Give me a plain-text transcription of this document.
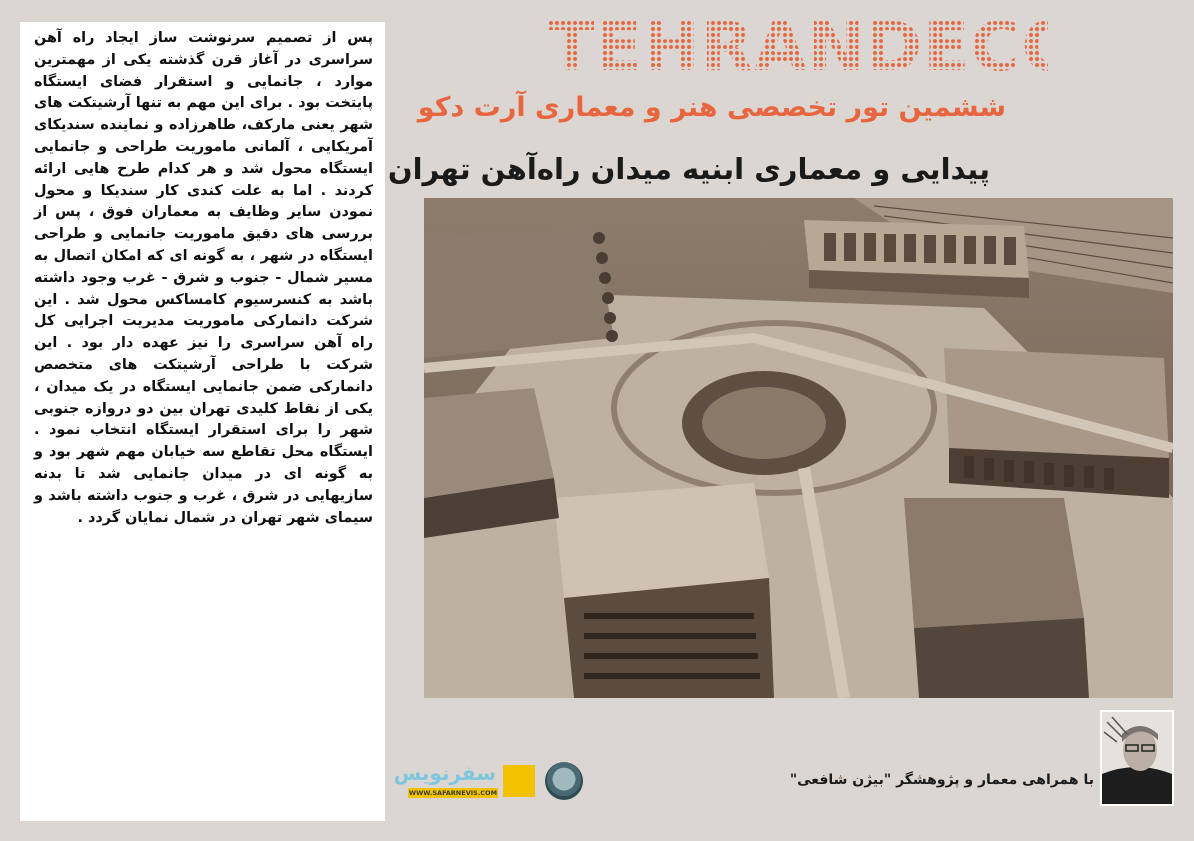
پس از تصمیم سرنوشت ساز ایجاد راه آهن سراسری در آغاز قرن گذشته یکی از مهمترین موارد ، جانمایی و استقرار فضای ایستگاه پایتخت بود . برای این مهم به تنها آرشیتکت های شهر یعنی مارکف، طاهرزاده و نماینده سندیکای آمریکایی ، آلمانی ماموریت طراحی و جانمایی ایستگاه محول شد و هر کدام طرح هایی ارائه کردند . اما به علت کندی کار سندیکا و محول نمودن سایر وظایف به معماران فوق ، پس از بررسی های دقیق ماموریت جانمایی و طراحی ایستگاه در شهر ، به گونه ای که امکان اتصال به مسیر شمال - جنوب و شرق - غرب وجود داشته باشد به کنسرسیوم کامساکس محول شد . این شرکت دانمارکی ماموریت مدیریت اجرایی کل راه آهن سراسری را نیز عهده دار بود . این شرکت با طراحی آرشیتکت های متخصص دانمارکی ضمن جانمایی ایستگاه در یک میدان ، یکی از نقاط کلیدی تهران بین دو دروازه جنوبی شهر را برای استقرار ایستگاه انتخاب نمود . ایستگاه محل تقاطع سه خیابان مهم شهر بود و به گونه ای در میدان جانمایی شد تا بدنه سازیهایی در شرق ، غرب و جنوب داشته باشد و سیمای شهر تهران در شمال نمایان گردد .

TEHRANDECO6
ششمین تور تخصصی هنر و معماری آرت دکو
پیدایی و معماری ابنیه میدان راه‌آهن تهران
با همراهی معمار و پژوهشگر "بیژن شافعی"
سفرنویس
WWW.SAFARNEVIS.COM
